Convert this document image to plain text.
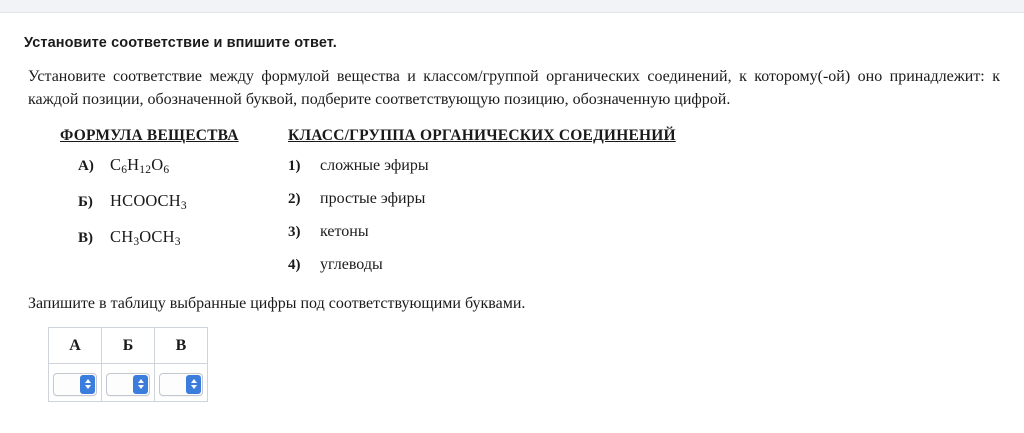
Установите соответствие и впишите ответ.
Установите соответствие между формулой вещества и классом/группой органических соединений, к которому(-ой) оно принадлежит: к каждой позиции, обозначенной буквой, подберите соответствующую позицию, обозначенную цифрой.
ФОРМУЛА ВЕЩЕСТВА	КЛАСС/ГРУППА ОРГАНИЧЕСКИХ СОЕДИНЕНИЙ
А) $C_6H_{12}O_6$
Б)	$HCOOCH_3$
В)	$CH_3OCH_3$
1)	сложные эфиры
2)	простые эфиры
3)	кетоны
4)	углеводы
Запишите в таблицу выбранные цифры под соответствующими буквами.
А	Б	В
